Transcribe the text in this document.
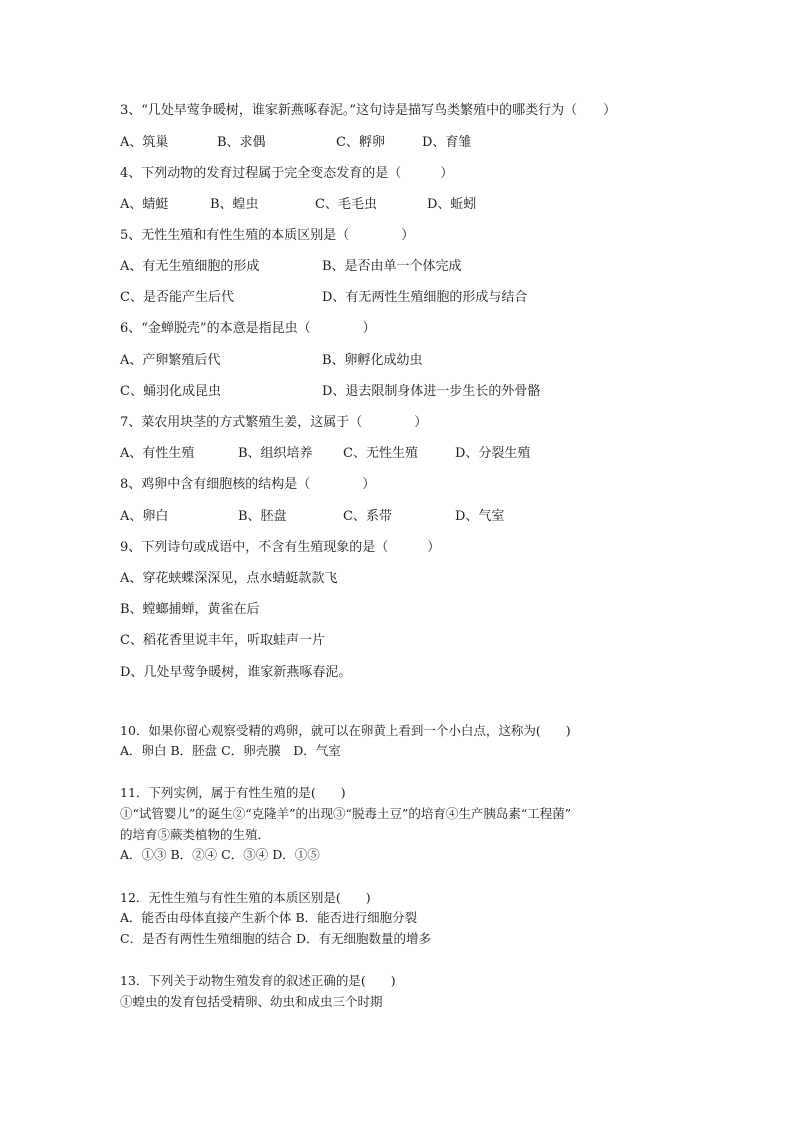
3、“几处早莺争暖树，谁家新燕啄春泥。”这句诗是描写鸟类繁殖中的哪类行为（　　）
A、筑巢	B、求偶	C、孵卵	D、育雏
4、下列动物的发育过程属于完全变态发育的是（　　　）
A、蜻蜓	B、蝗虫	C、毛毛虫	D、蚯蚓
5、无性生殖和有性生殖的本质区别是（　　　　）
A、有无生殖细胞的形成	B、是否由单一个体完成
C、是否能产生后代	D、有无两性生殖细胞的形成与结合
6、“金蝉脱壳”的本意是指昆虫（　　　　）
A、产卵繁殖后代	B、卵孵化成幼虫
C、蛹羽化成昆虫	D、退去限制身体进一步生长的外骨骼
7、菜农用块茎的方式繁殖生姜，这属于（　　　　）
A、有性生殖	B、组织培养 C、无性生殖	D、分裂生殖
8、鸡卵中含有细胞核的结构是（　　　　）
A、卵白	B、胚盘	C、系带	D、气室
9、下列诗句或成语中，不含有生殖现象的是（　　　）
A、穿花蛱蝶深深见，点水蜻蜓款款飞
B、螳螂捕蝉，黄雀在后
C、稻花香里说丰年，听取蛙声一片
D、几处早莺争暖树，谁家新燕啄春泥。
10．如果你留心观察受精的鸡卵，就可以在卵黄上看到一个小白点，这称为(　　)
A．卵白 B．胚盘 C．卵壳膜　D．气室
11．下列实例，属于有性生殖的是(　　)
①“试管婴儿”的诞生②“克隆羊”的出现③“脱毒土豆”的培育④生产胰岛素“工程菌”
的培育⑤蕨类植物的生殖．
A．①③ B．②④ C．③④ D．①⑤
12．无性生殖与有性生殖的本质区别是(　　)
A．能否由母体直接产生新个体 B．能否进行细胞分裂
C．是否有两性生殖细胞的结合 D．有无细胞数量的增多
13．下列关于动物生殖发育的叙述正确的是(　　)
①蝗虫的发育包括受精卵、幼虫和成虫三个时期
